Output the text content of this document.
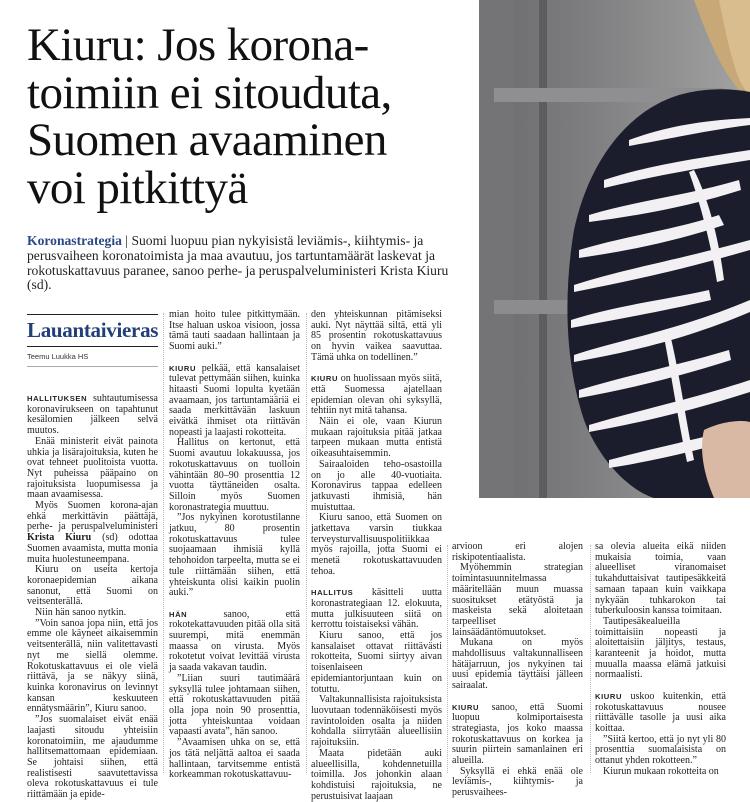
Kiuru: Jos korona-
toimiin ei sitouduta,
Suomen avaaminen
voi pitkittyä

Koronastrategia | Suomi luopuu pian nykyisistä leviämis-, kiihtymis- ja perusvaiheen koronatoimista ja maa avautuu, jos tartuntamäärät laskevat ja rokotuskattavuus paranee, sanoo perhe- ja peruspalveluministeri Krista Kiuru (sd).

Lauantaivieras
Teemu Luukka HS

HALLITUKSEN suhtautumisessa koronavirukseen on tapahtunut kesälomien jälkeen selvä muutos.

Enää ministerit eivät painota uhkia ja lisärajoituksia, kuten he ovat tehneet puolitoista vuotta. Nyt puheissa pääpaino on rajoituksista luopumisessa ja maan avaamisessa.

Myös Suomen korona-ajan ehkä merkittävin päättäjä, perhe- ja peruspalveluministeri Krista Kiuru (sd) odottaa Suomen avaamista, mutta monia muita huolestuneempana.

Kiuru on useita kertoja koronaepidemian aikana sanonut, että Suomi on veitsenterällä.

Niin hän sanoo nytkin.

”Voin sanoa jopa niin, että jos emme ole käyneet aikaisemmin veitsenterällä, niin valitettavasti nyt me siellä olemme. Rokotuskattavuus ei ole vielä riittävä, ja se näkyy siinä, kuinka koronavirus on levinnyt kansan keskuuteen ennätysmäärin”, Kiuru sanoo.

”Jos suomalaiset eivät enää laajasti sitoudu yhteisiin koronatoimiin, me ajaudumme hallitsemattomaan epidemiaan. Se johtaisi siihen, että realistisesti saavutettavissa oleva rokotuskattavuus ei tule riittämään ja epide-

mian hoito tulee pitkittymään. Itse haluan uskoa visioon, jossa tämä tauti saadaan hallintaan ja Suomi auki.”

KIURU pelkää, että kansalaiset tulevat pettymään siihen, kuinka hitaasti Suomi lopulta kyetään avaamaan, jos tartuntamääriä ei saada merkittävään laskuun eivätkä ihmiset ota riittävän nopeasti ja laajasti rokotteita.

Hallitus on kertonut, että Suomi avautuu lokakuussa, jos rokotuskattavuus on tuolloin vähintään 80–90 prosenttia 12 vuotta täyttäneiden osalta. Silloin myös Suomen koronastrategia muuttuu.

”Jos nykyinen korotustilanne jatkuu, 80 prosentin rokotuskattavuus tulee suojaamaan ihmisiä kyllä tehohoidon tarpeelta, mutta se ei tule riittämään siihen, että yhteiskunta olisi kaikin puolin auki.”

HÄN sanoo, että rokotekattavuuden pitää olla sitä suurempi, mitä enemmän maassa on virusta. Myös rokotetut voivat levittää virusta ja saada vakavan taudin.

”Liian suuri tautimäärä syksyllä tulee johtamaan siihen, että rokotuskattavuuden pitää olla jopa noin 90 prosenttia, jotta yhteiskuntaa voidaan vapaasti avata”, hän sanoo.

”Avaamisen uhka on se, että jos tätä neljättä aaltoa ei saada hallintaan, tarvitsemme entistä korkeamman rokotuskattavuu-

den yhteiskunnan pitämiseksi auki. Nyt näyttää siltä, että yli 85 prosentin rokotuskattavuus on hyvin vaikea saavuttaa. Tämä uhka on todellinen.”

KIURU on huolissaan myös siitä, että Suomessa ajatellaan epidemian olevan ohi syksyllä, tehtiin nyt mitä tahansa.

Näin ei ole, vaan Kiurun mukaan rajoituksia pitää jatkaa tarpeen mukaan mutta entistä oikeasuhtaisemmin.

Sairaaloiden teho-osastoilla on jo alle 40-vuotiaita. Koronavirus tappaa edelleen jatkuvasti ihmisiä, hän muistuttaa.

Kiuru sanoo, että Suomen on jatkettava varsin tiukkaa terveysturvallisuuspolitiikkaa myös rajoilla, jotta Suomi ei menetä rokotuskattavuuden tehoa.

HALLITUS käsitteli uutta koronastrategiaan 12. elokuuta, mutta julkisuuteen siitä on kerrottu toistaiseksi vähän.

Kiuru sanoo, että jos kansalaiset ottavat riittävästi rokotteita, Suomi siirtyy aivan toisenlaiseen epidemiantorjuntaan kuin on totuttu.

Valtakunnallisista rajoituksista luovutaan todennäköisesti myös ravintoloiden osalta ja niiden kohdalla siirrytään alueellisiin rajoituksiin.

Maata pidetään auki alueellisilla, kohdennetuilla toimilla. Jos johonkin alaan kohdistuisi rajoituksia, ne perustuisivat laajaan

arvioon eri alojen riskipotentiaalista.

Myöhemmin strategian toimintasuunnitelmassa määritellään muun muassa suositukset etätyöstä ja maskeista sekä aloitetaan tarpeelliset lainsäädäntömuutokset.

Mukana on myös mahdollisuus valtakunnalliseen hätäjarruun, jos nykyinen tai uusi epidemia täyttäisi jälleen sairaalat.

KIURU sanoo, että Suomi luopuu kolmiportaisesta strategiasta, jos koko maassa rokotuskattavuus on korkea ja suurin piirtein samanlainen eri alueilla.

Syksyllä ei ehkä enää ole leviämis-, kiihtymis- ja perusvaihees-

sa olevia alueita eikä niiden mukaisia toimia, vaan alueelliset viranomaiset tukahduttaisivat tautipesäkkeitä samaan tapaan kuin vaikkapa nykyään tuhkarokon tai tuberkuloosin kanssa toimitaan.

Tautipesäkealueilla toimittaisiin nopeasti ja aloitettaisiin jäljitys, testaus, karanteenit ja hoidot, mutta muualla maassa elämä jatkuisi normaalisti.

KIURU uskoo kuitenkin, että rokotuskattavuus nousee riittävälle tasolle ja uusi aika koittaa.

”Siitä kertoo, että jo nyt yli 80 prosenttia suomalaisista on ottanut yhden rokotteen.”

Kiurun mukaan rokotteita on
